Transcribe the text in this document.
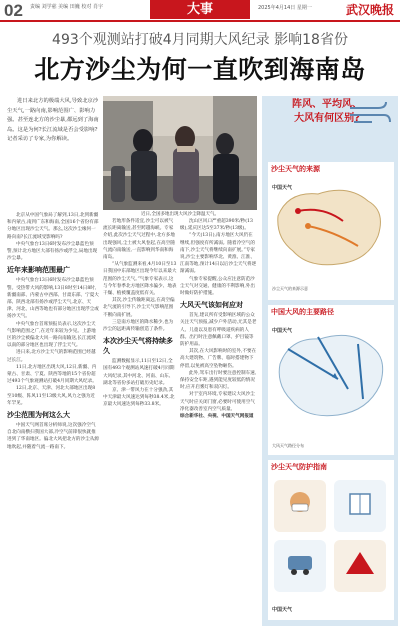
02 责编 刘学慈 美编 田巍 校对 肖宇	大事	2025年4月14日 星期一	武汉晚报
493个观测站打破4月同期大风纪录 影响18省份
北方沙尘为何一直吹到海南岛
进日来北方的极端大风,导致北京沙尘天气,一路向南,影响范围广、影响力强。甚至连北方的沙尘暴,都远到了海南岛。这是为何?长江流域是否会受影响?记者采访了专家,为你解读。
近日,全国多地出现大风沙尘降温天气。
阵风、平均风、
大风有何区别?
沙尘天气的来源
中国天气
沙尘天气的来源示意
中国大风的主要路径
中国天气
大风天气路径分布
沙尘天气防护指南
中国天气

北京从中国气象局了解到,13日,北到新疆和内蒙古,南到广东和海南,全国16个省份有部分地区出现沙尘天气。那么,这次沙尘缘何一路向南?长江流域受影响吗?

中央气象台13日6时发布沙尘暴蓝色预警,预计北方地区大部有扬沙或浮尘,局地出现沙尘暴。

近年来影响范围最广

中央气象台13日6时发布沙尘暴蓝色预警。受热带大风的影响,13日8时至14日8时,新疆南部、内蒙古中西部、甘肃东部、宁夏大部、陕西北部有扬沙或浮尘天气,北京、天津、河北、山西等地也有部分地区出现浮尘或扬沙天气。

中央气象台首席预报员表示,这次沙尘天气影响范围之广,在近年来较为少见。上游地区的沙尘被偏北大风一路向南输送,长江流域以南的部分地区也出现了浮尘天气。

进日来,北方沙尘天气的影响范围已经越过长江。

11日,北方地区出现大风,12日,新疆、内蒙古、甘肃、宁夏、陕西等地的15个省份超过493个气象观测站打破4月同期大风纪录。

12日,北京、天津、河北大部地区出现8至10级、阵风11至13级大风,风力之强为近年罕见。

沙尘范围为何这么大

中国天气网首席分析师说,这次强冷空气自北向南横扫我国大部,冷空气前锋很快就推进到了华南地区。偏北大风把北方的沙尘从源地吹起,并随着气流一路南下。

若地形条件适宜,沙尘可以被气流长距离输送,甚至跨越海峡。专家介绍,此次沙尘天气过程中,北方多地出现强风,尘土被大风卷起,在高空随气流向南输送,一直影响到华南和海南岛。

“从气象监测来看,4月10日至13日我国中东部地区出现今年以来最大范围的沙尘天气。”气象专家表示,这与今年春季北方地区降水偏少、地表干燥、植被覆盖度低有关。

其次,沙尘传输距离远,在高空偏北气流的引导下,沙尘天气影响范围不断向南扩展。

三是南方地区的降水稀少,也为沙尘的远距离传输创造了条件。

本次沙尘天气将持续多久

监测数据显示,11日至12日,全国有493个观测站风速打破4月同期大风纪录,其中河北、河南、山东、湖北等省份多站打破历史纪录。

京、津一带风力在十分强劲,其中天津最大风速达到每秒38.4米,北京最大风速达到每秒33.8米。

沈山区风口严重超390米/秒(13级),延庆区达5至37米/秒(13级)。

“今天(13日),南方地区大风仍在继续,但强度有所减弱。随着冷空气的南下,沙尘天气将继续向南扩展。”专家说,沙尘主要影响华北、黄淮、江淮、江南等地,预计14日以后沙尘天气将逐渐减弱。

气象专家提醒,公众应注意防范沙尘天气对交通、健康的不利影响,外出时做好防护措施。

大风天气该如何应对

首先,建议所有受影响区域的公众关注天气预报,减少户外活动,尤其是老人、儿童以及患有呼吸道疾病的人群。出行时注意佩戴口罩、护目镜等防护用品。

其次,在大风影响时的室外,不要在高大建筑物、广告牌、临时搭建物下停留,以免被高空坠物砸伤。

此外,驾车出行时要注意控制车速,保持安全车距,遇到能见度较低的情况时,应开启雾灯和双闪灯。

对于室内环境,专家建议大风沙尘天气时应关闭门窗,必要时可使用空气净化器改善室内空气质量。

综合新华社、央视、中国天气网报道
